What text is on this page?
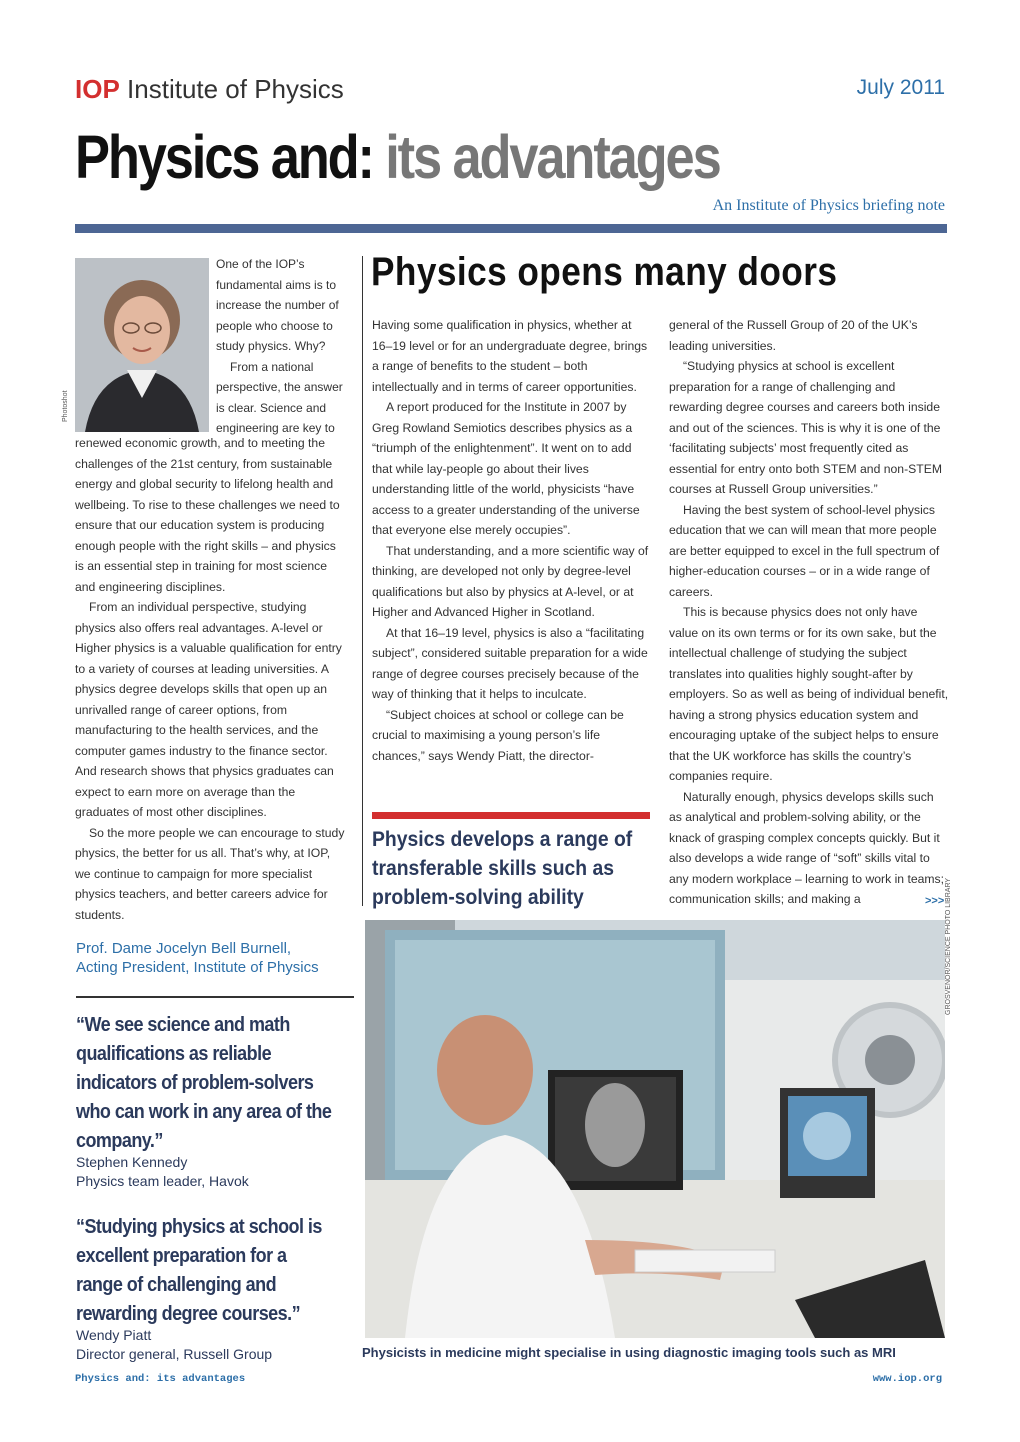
IOP Institute of Physics	July 2011
Physics and: its advantages
An Institute of Physics briefing note
Photoshot

One of the IOP’s fundamental aims is to increase the number of people who choose to study physics. Why?

From a national perspective, the answer is clear. Science and engineering are key to

renewed economic growth, and to meeting the challenges of the 21st century, from sustainable energy and global security to lifelong health and wellbeing. To rise to these challenges we need to ensure that our education system is producing enough people with the right skills – and physics is an essential step in training for most science and engineering disciplines.

From an individual perspective, studying physics also offers real advantages. A-level or Higher physics is a valuable qualification for entry to a variety of courses at leading universities. A physics degree develops skills that open up an unrivalled range of career options, from manufacturing to the health services, and the computer games industry to the finance sector. And research shows that physics graduates can expect to earn more on average than the graduates of most other disciplines.

So the more people we can encourage to study physics, the better for us all. That’s why, at IOP, we continue to campaign for more specialist physics teachers, and better careers advice for students.

Prof. Dame Jocelyn Bell Burnell,
Acting President, Institute of Physics
“We see science and math qualifications as reliable indicators of problem-solvers who can work in any area of the company.”
Stephen Kennedy
Physics team leader, Havok
“Studying physics at school is excellent preparation for a range of challenging and rewarding degree courses.”
Wendy Piatt
Director general, Russell Group
Physics opens many doors

Having some qualification in physics, whether at 16–19 level or for an undergraduate degree, brings a range of benefits to the student – both intellectually and in terms of career opportunities.

A report produced for the Institute in 2007 by Greg Rowland Semiotics describes physics as a “triumph of the enlightenment”. It went on to add that while lay-people go about their lives understanding little of the world, physicists “have access to a greater understanding of the universe that everyone else merely occupies”.

That understanding, and a more scientific way of thinking, are developed not only by degree-level qualifications but also by physics at A-level, or at Higher and Advanced Higher in Scotland.

At that 16–19 level, physics is also a “facilitating subject”, considered suitable preparation for a wide range of degree courses precisely because of the way of thinking that it helps to inculcate.

“Subject choices at school or college can be crucial to maximising a young person’s life chances,” says Wendy Piatt, the director-

Physics develops a range of transferable skills such as problem-solving ability

general of the Russell Group of 20 of the UK’s leading universities.

“Studying physics at school is excellent preparation for a range of challenging and rewarding degree courses and careers both inside and out of the sciences. This is why it is one of the ‘facilitating subjects’ most frequently cited as essential for entry onto both STEM and non-STEM courses at Russell Group universities.”

Having the best system of school-level physics education that we can will mean that more people are better equipped to excel in the full spectrum of higher-education courses – or in a wide range of careers.

This is because physics does not only have value on its own terms or for its own sake, but the intellectual challenge of studying the subject translates into qualities highly sought-after by employers. So as well as being of individual benefit, having a strong physics education system and encouraging uptake of the subject helps to ensure that the UK workforce has skills the country’s companies require.

Naturally enough, physics develops skills such as analytical and problem-solving ability, or the knack of grasping complex concepts quickly. But it also develops a wide range of “soft” skills vital to any modern workplace – learning to work in teams; communication skills; and making a	>>> GROSVENOR/SCIENCE PHOTO LIBRARY
Physicists in medicine might specialise in using diagnostic imaging tools such as MRI
Physics and: its advantages	www.iop.org
